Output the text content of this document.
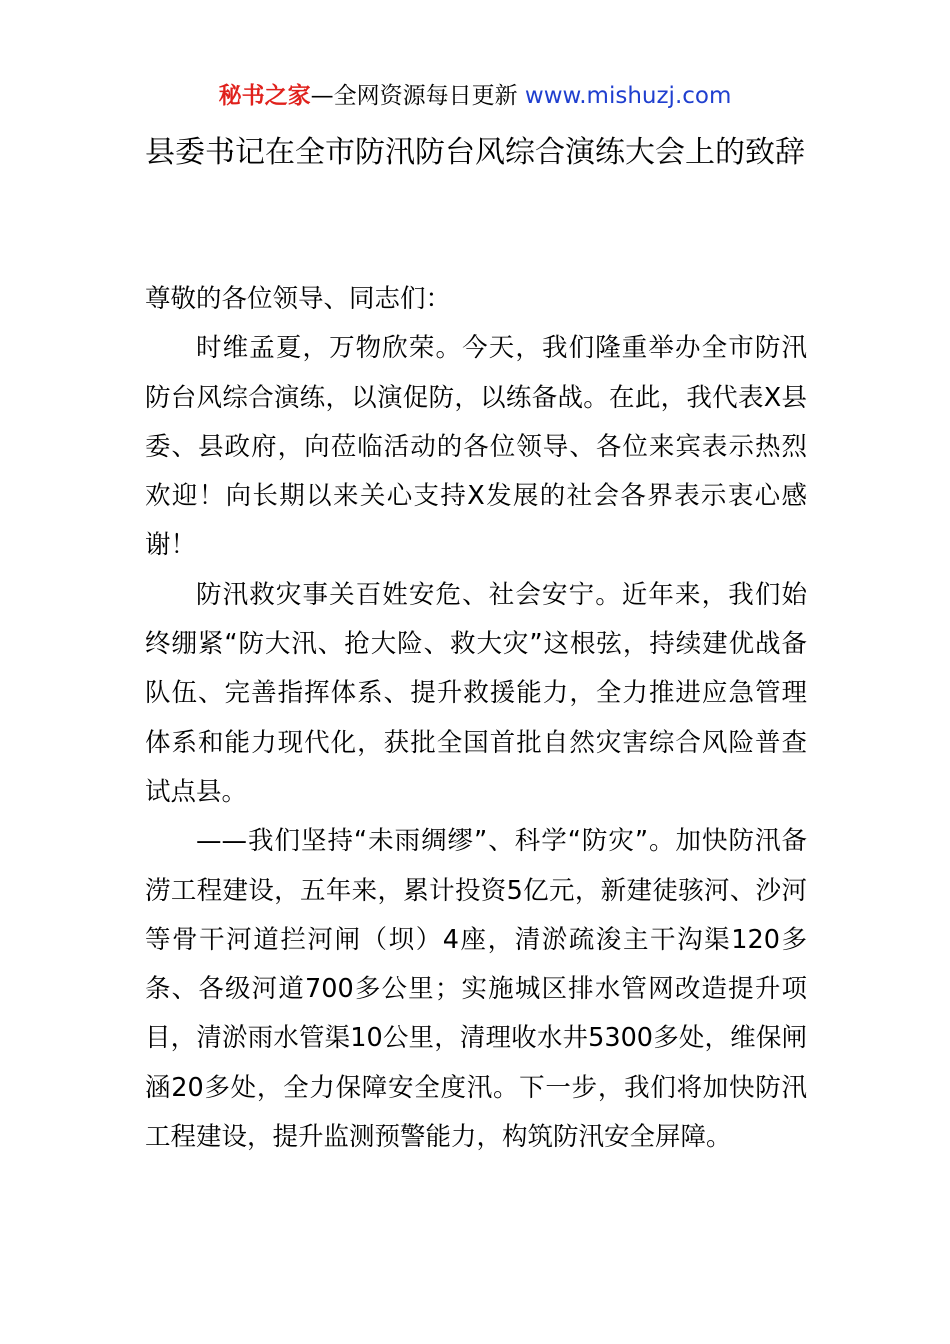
秘书之家—全网资源每日更新 www.mishuzj.com
县委书记在全市防汛防台风综合演练大会上的致辞

尊敬的各位领导、同志们：

时维孟夏，万物欣荣。今天，我们隆重举办全市防汛防台风综合演练，以演促防，以练备战。在此，我代表X县委、县政府，向莅临活动的各位领导、各位来宾表示热烈欢迎！向长期以来关心支持X发展的社会各界表示衷心感谢！

防汛救灾事关百姓安危、社会安宁。近年来，我们始终绷紧“防大汛、抢大险、救大灾”这根弦，持续建优战备队伍、完善指挥体系、提升救援能力，全力推进应急管理体系和能力现代化，获批全国首批自然灾害综合风险普查试点县。

——我们坚持“未雨绸缪”、科学“防灾”。加快防汛备涝工程建设，五年来，累计投资5亿元，新建徒骇河、沙河等骨干河道拦河闸（坝）4座，清淤疏浚主干沟渠120多条、各级河道700多公里；实施城区排水管网改造提升项目，清淤雨水管渠10公里，清理收水井5300多处，维保闸涵20多处，全力保障安全度汛。下一步，我们将加快防汛工程建设，提升监测预警能力，构筑防汛安全屏障。
